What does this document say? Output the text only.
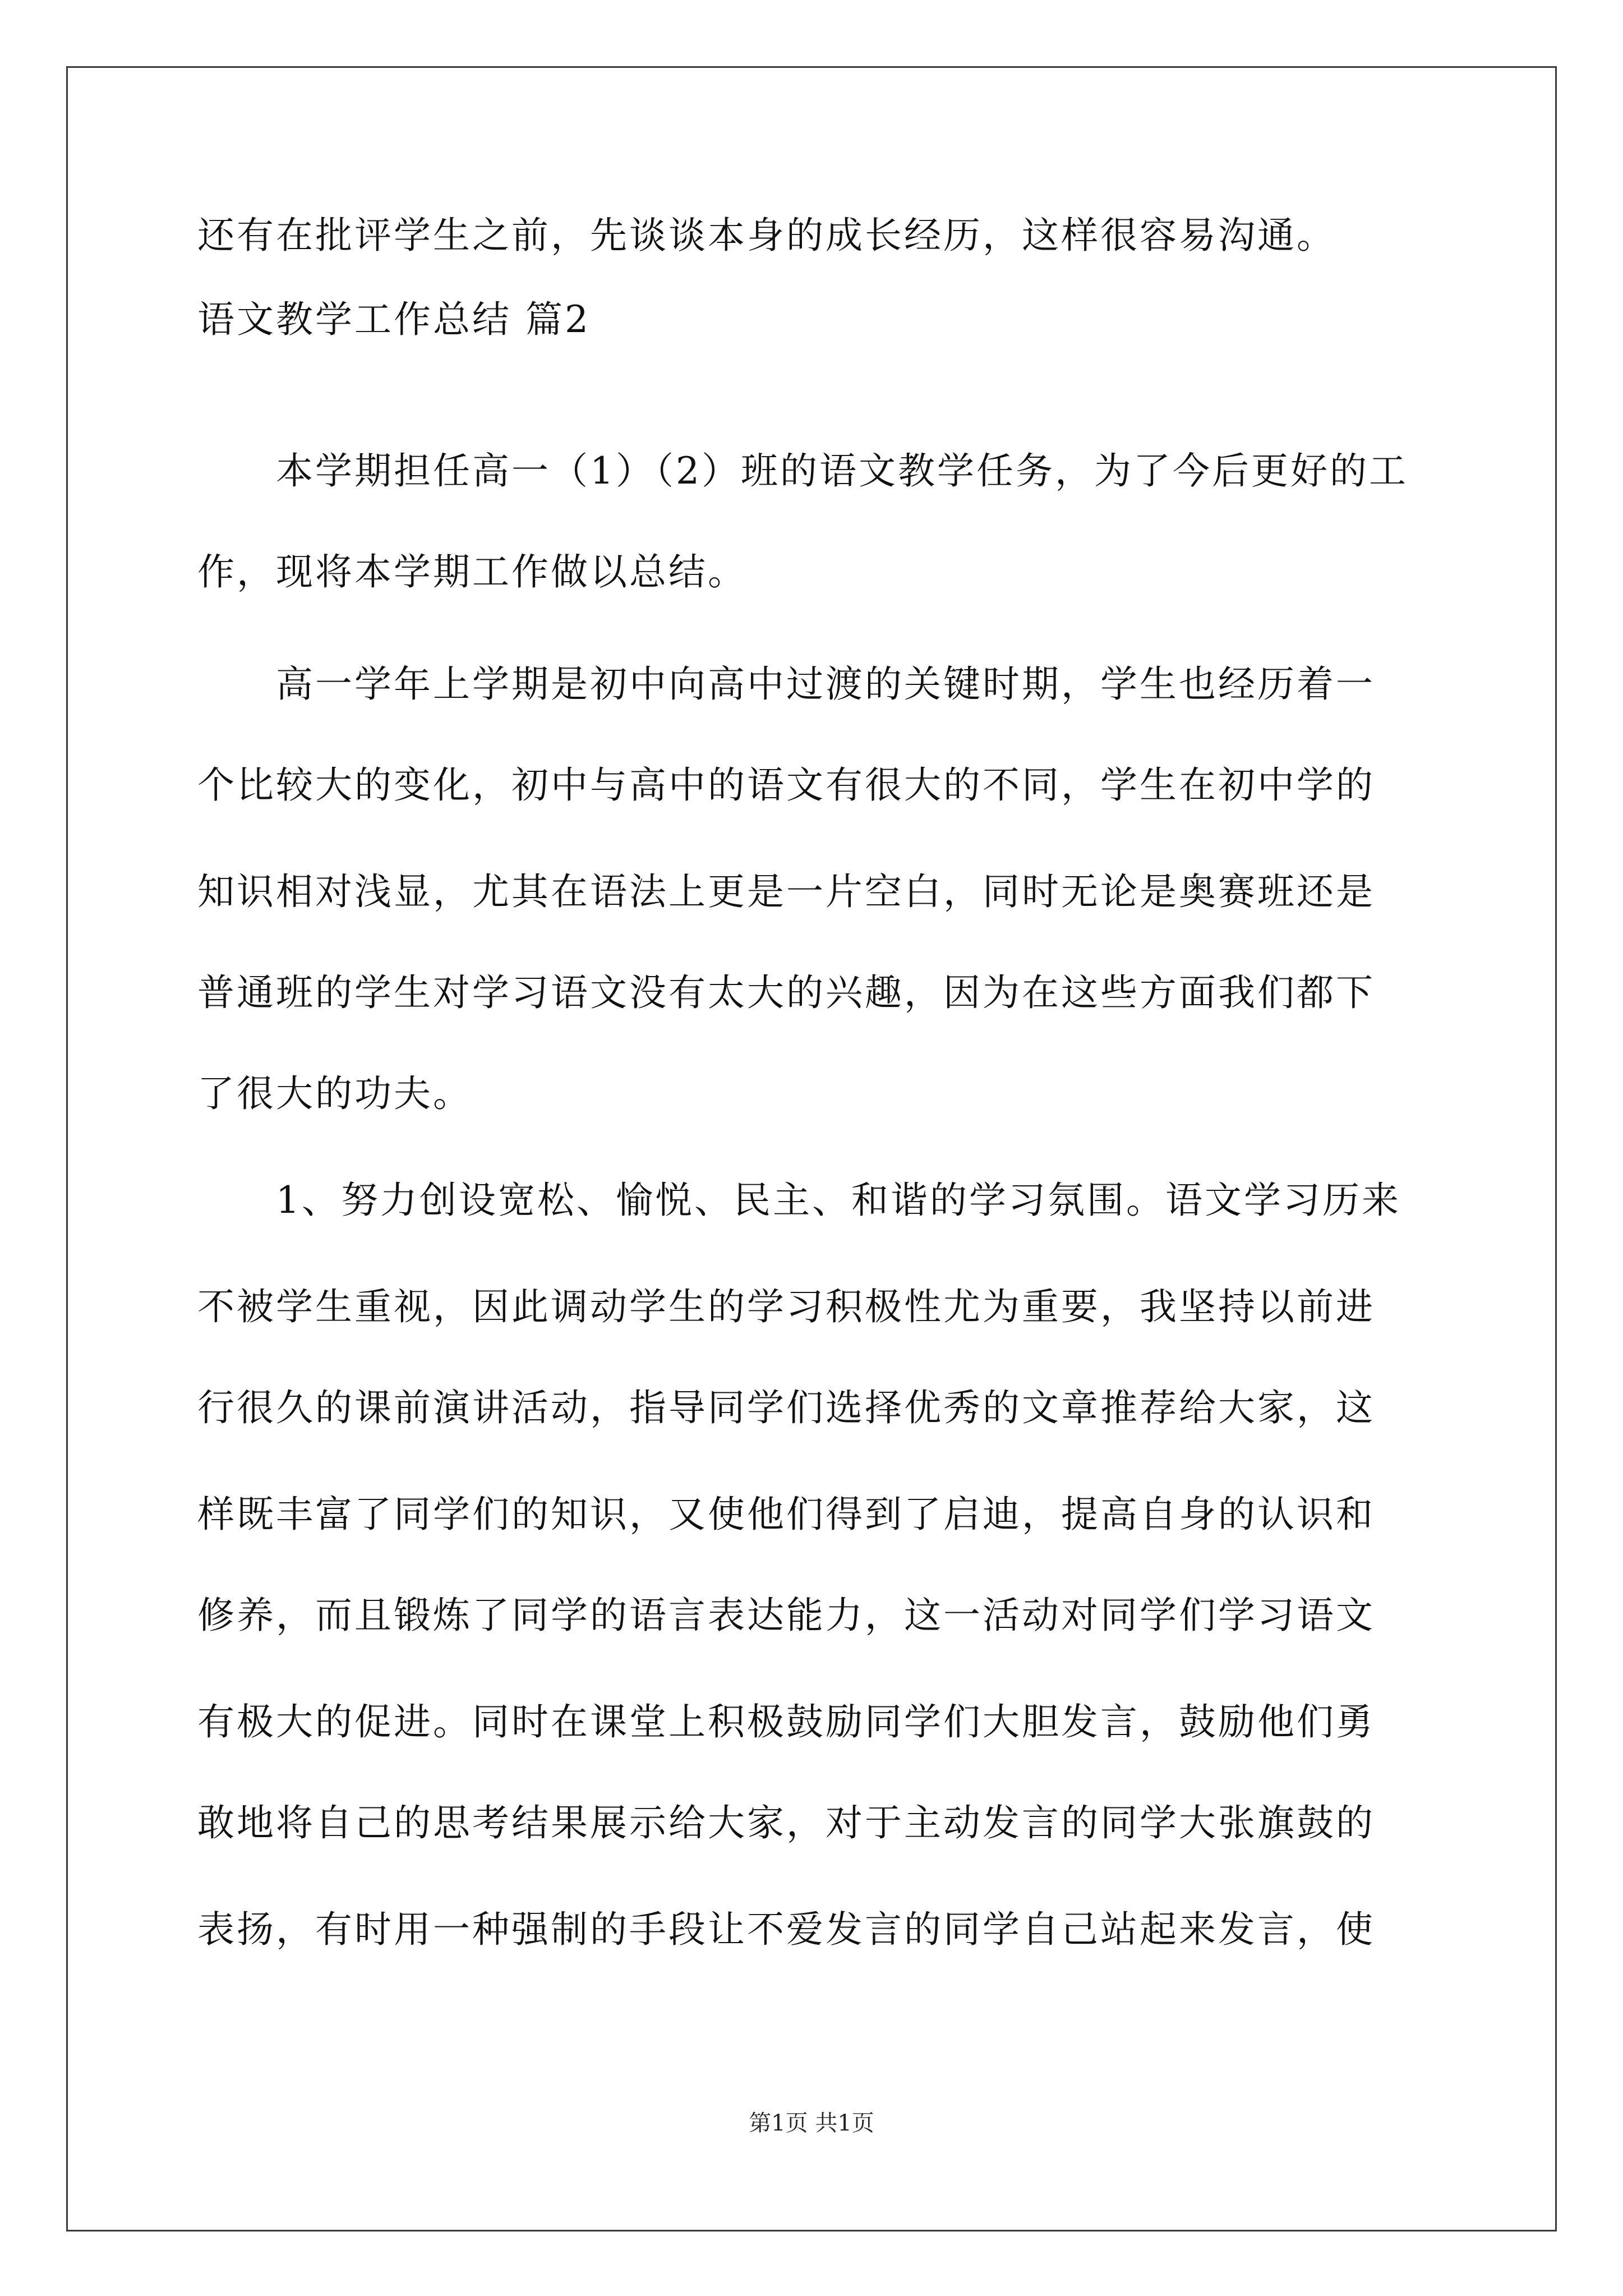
还有在批评学生之前，先谈谈本身的成长经历，这样很容易沟通。
语文教学工作总结 篇2
本学期担任高一（1）（2）班的语文教学任务，为了今后更好的工
作，现将本学期工作做以总结。
高一学年上学期是初中向高中过渡的关键时期，学生也经历着一
个比较大的变化，初中与高中的语文有很大的不同，学生在初中学的
知识相对浅显，尤其在语法上更是一片空白，同时无论是奥赛班还是
普通班的学生对学习语文没有太大的兴趣，因为在这些方面我们都下
了很大的功夫。
1、努力创设宽松、愉悦、民主、和谐的学习氛围。语文学习历来
不被学生重视，因此调动学生的学习积极性尤为重要，我坚持以前进
行很久的课前演讲活动，指导同学们选择优秀的文章推荐给大家，这
样既丰富了同学们的知识，又使他们得到了启迪，提高自身的认识和
修养，而且锻炼了同学的语言表达能力，这一活动对同学们学习语文
有极大的促进。同时在课堂上积极鼓励同学们大胆发言，鼓励他们勇
敢地将自己的思考结果展示给大家，对于主动发言的同学大张旗鼓的
表扬，有时用一种强制的手段让不爱发言的同学自己站起来发言，使
第1页 共1页
